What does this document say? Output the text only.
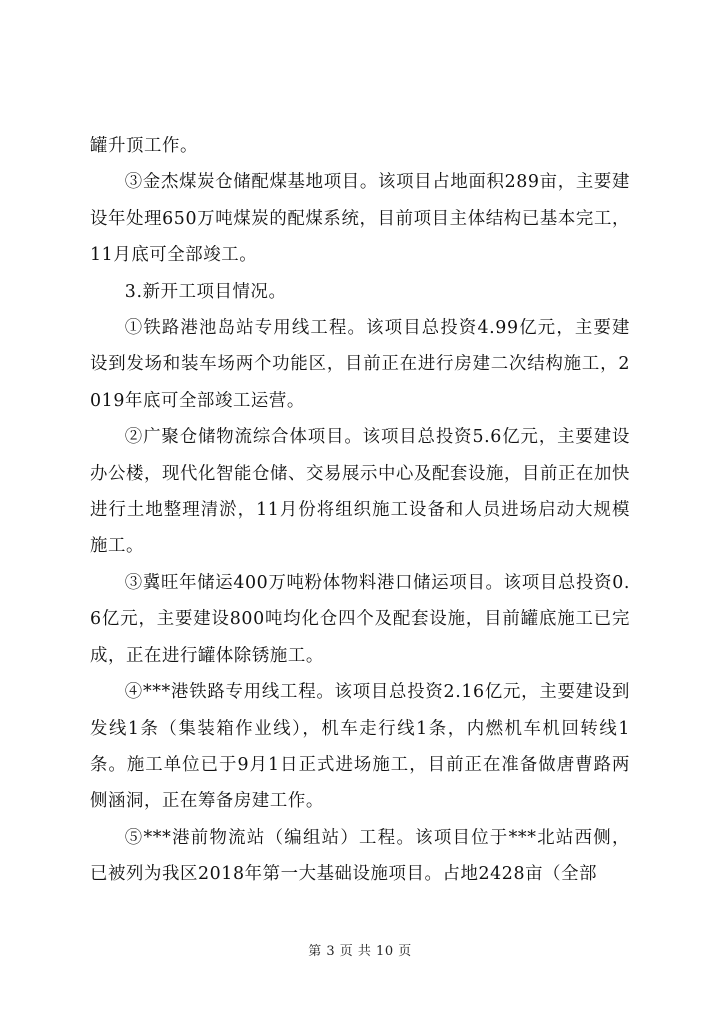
罐升顶工作。

③金杰煤炭仓储配煤基地项目。该项目占地面积289亩，主要建设年处理650万吨煤炭的配煤系统，目前项目主体结构已基本完工，11月底可全部竣工。

3.新开工项目情况。

①铁路港池岛站专用线工程。该项目总投资4.99亿元，主要建设到发场和装车场两个功能区，目前正在进行房建二次结构施工，2019年底可全部竣工运营。

②广聚仓储物流综合体项目。该项目总投资5.6亿元，主要建设办公楼，现代化智能仓储、交易展示中心及配套设施，目前正在加快进行土地整理清淤，11月份将组织施工设备和人员进场启动大规模施工。

③冀旺年储运400万吨粉体物料港口储运项目。该项目总投资0.6亿元，主要建设800吨均化仓四个及配套设施，目前罐底施工已完成，正在进行罐体除锈施工。

④***港铁路专用线工程。该项目总投资2.16亿元，主要建设到发线1条（集装箱作业线），机车走行线1条，内燃机车机回转线1条。施工单位已于9月1日正式进场施工，目前正在准备做唐曹路两侧涵洞，正在筹备房建工作。

⑤***港前物流站（编组站）工程。该项目位于***北站西侧，已被列为我区2018年第一大基础设施项目。占地2428亩（全部

第 3 页 共 10 页
